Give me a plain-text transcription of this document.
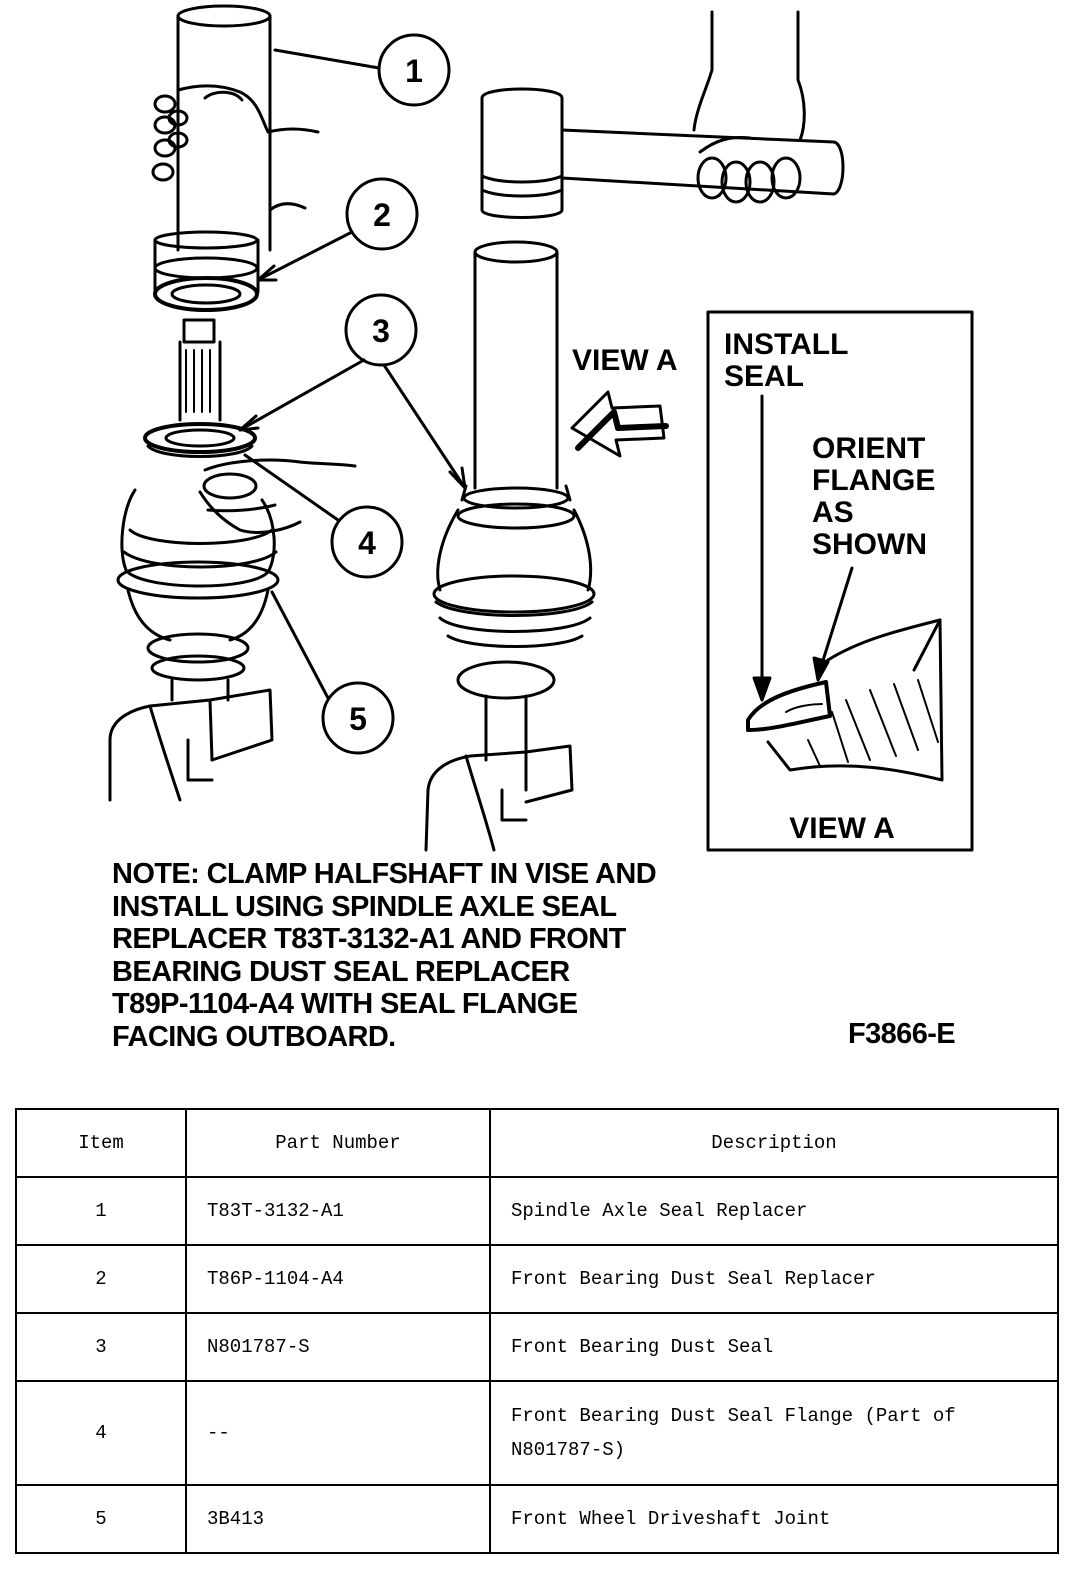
1
2
3
4
5
VIEW A INSTALL
SEAL
ORIENT
FLANGE
AS
SHOWN
VIEW A

NOTE: CLAMP HALFSHAFT IN VISE AND
INSTALL USING SPINDLE AXLE SEAL
REPLACER T83T-3132-A1 AND FRONT
BEARING DUST SEAL REPLACER
T89P-1104-A4 WITH SEAL FLANGE
FACING OUTBOARD.	F3866-E
Item	Part Number	Description
1	T83T-3132-A1	Spindle Axle Seal Replacer
2	T86P-1104-A4	Front Bearing Dust Seal Replacer
3	N801787-S	Front Bearing Dust Seal
4	--	Front Bearing Dust Seal Flange (Part of N801787-S)
5	3B413	Front Wheel Driveshaft Joint
